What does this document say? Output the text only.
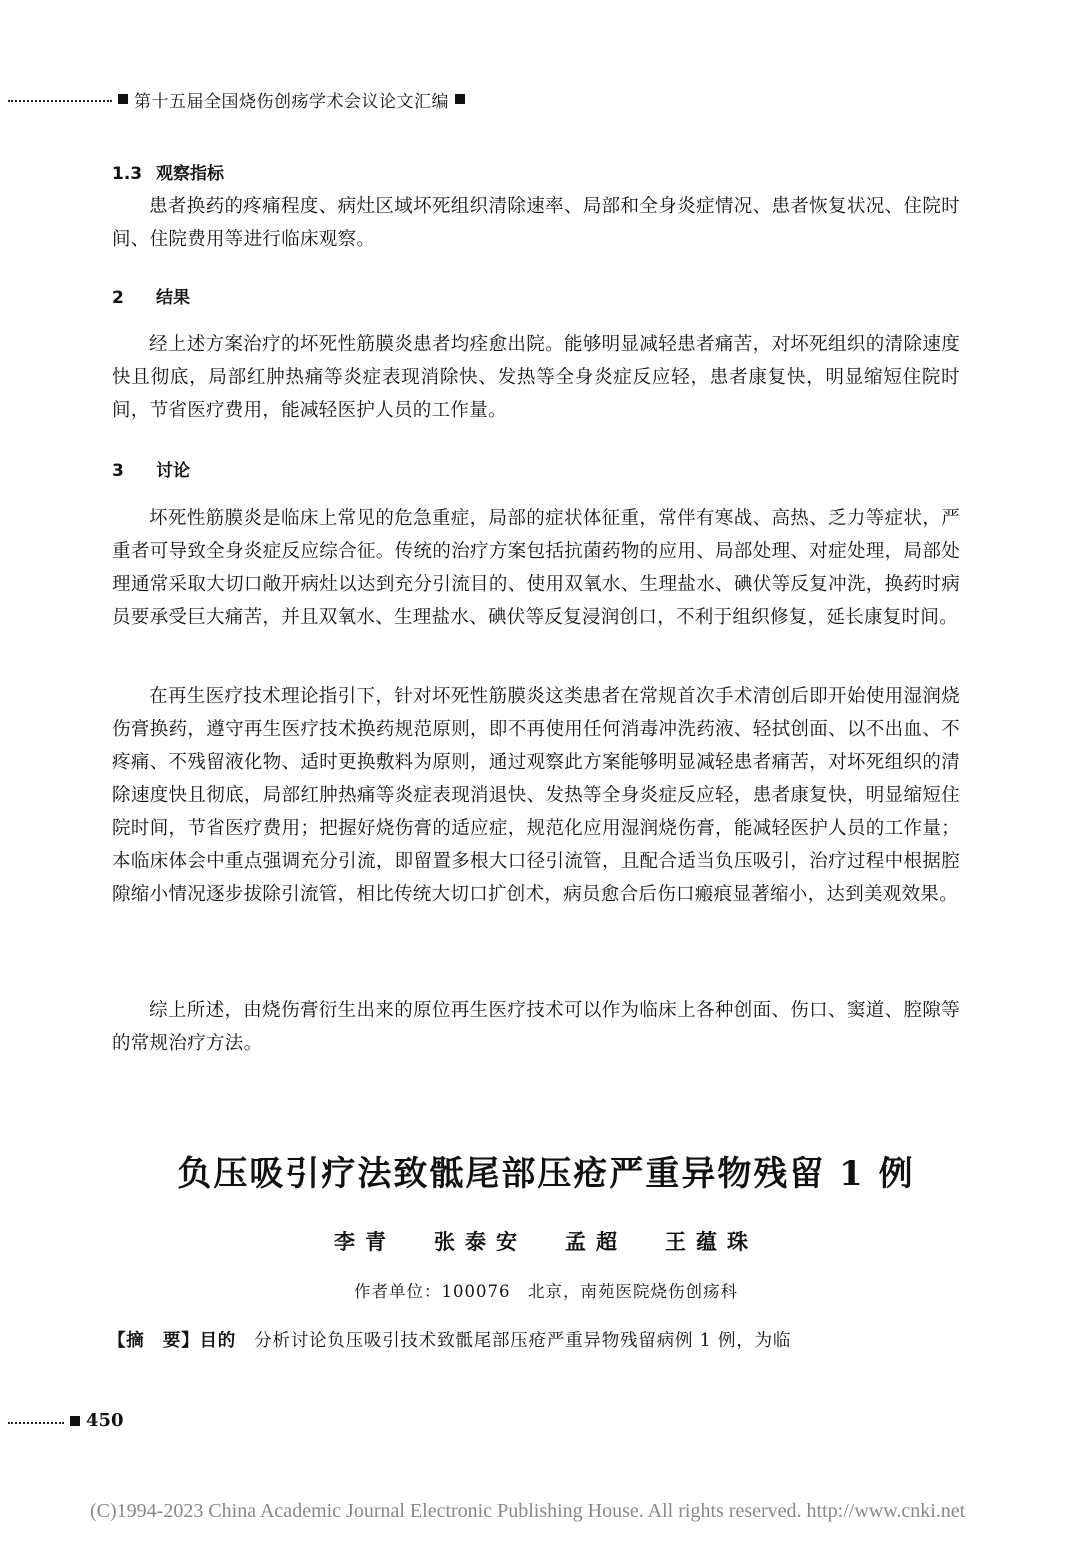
第十五届全国烧伤创疡学术会议论文汇编
1.3 观察指标
患者换药的疼痛程度、病灶区域坏死组织清除速率、局部和全身炎症情况、患者恢复状况、住院时间、住院费用等进行临床观察。
2 结果
经上述方案治疗的坏死性筋膜炎患者均痊愈出院。能够明显减轻患者痛苦，对坏死组织的清除速度快且彻底，局部红肿热痛等炎症表现消除快、发热等全身炎症反应轻，患者康复快，明显缩短住院时间，节省医疗费用，能减轻医护人员的工作量。
3 讨论
坏死性筋膜炎是临床上常见的危急重症，局部的症状体征重，常伴有寒战、高热、乏力等症状，严重者可导致全身炎症反应综合征。传统的治疗方案包括抗菌药物的应用、局部处理、对症处理，局部处理通常采取大切口敞开病灶以达到充分引流目的、使用双氧水、生理盐水、碘伏等反复冲洗，换药时病员要承受巨大痛苦，并且双氧水、生理盐水、碘伏等反复浸润创口，不利于组织修复，延长康复时间。
在再生医疗技术理论指引下，针对坏死性筋膜炎这类患者在常规首次手术清创后即开始使用湿润烧伤膏换药，遵守再生医疗技术换药规范原则，即不再使用任何消毒冲洗药液、轻拭创面、以不出血、不疼痛、不残留液化物、适时更换敷料为原则，通过观察此方案能够明显减轻患者痛苦，对坏死组织的清除速度快且彻底，局部红肿热痛等炎症表现消退快、发热等全身炎症反应轻，患者康复快，明显缩短住院时间，节省医疗费用；把握好烧伤膏的适应症，规范化应用湿润烧伤膏，能减轻医护人员的工作量；本临床体会中重点强调充分引流，即留置多根大口径引流管，且配合适当负压吸引，治疗过程中根据腔隙缩小情况逐步拔除引流管，相比传统大切口扩创术，病员愈合后伤口瘢痕显著缩小，达到美观效果。
综上所述，由烧伤膏衍生出来的原位再生医疗技术可以作为临床上各种创面、伤口、窦道、腔隙等的常规治疗方法。
负压吸引疗法致骶尾部压疮严重异物残留 1 例
李青 张泰安 孟超 王蕴珠
作者单位：100076　北京，南苑医院烧伤创疡科
【摘　要】目的 分析讨论负压吸引技术致骶尾部压疮严重异物残留病例 1 例，为临
450
(C)1994-2023 China Academic Journal Electronic Publishing House. All rights reserved. http://www.cnki.net
